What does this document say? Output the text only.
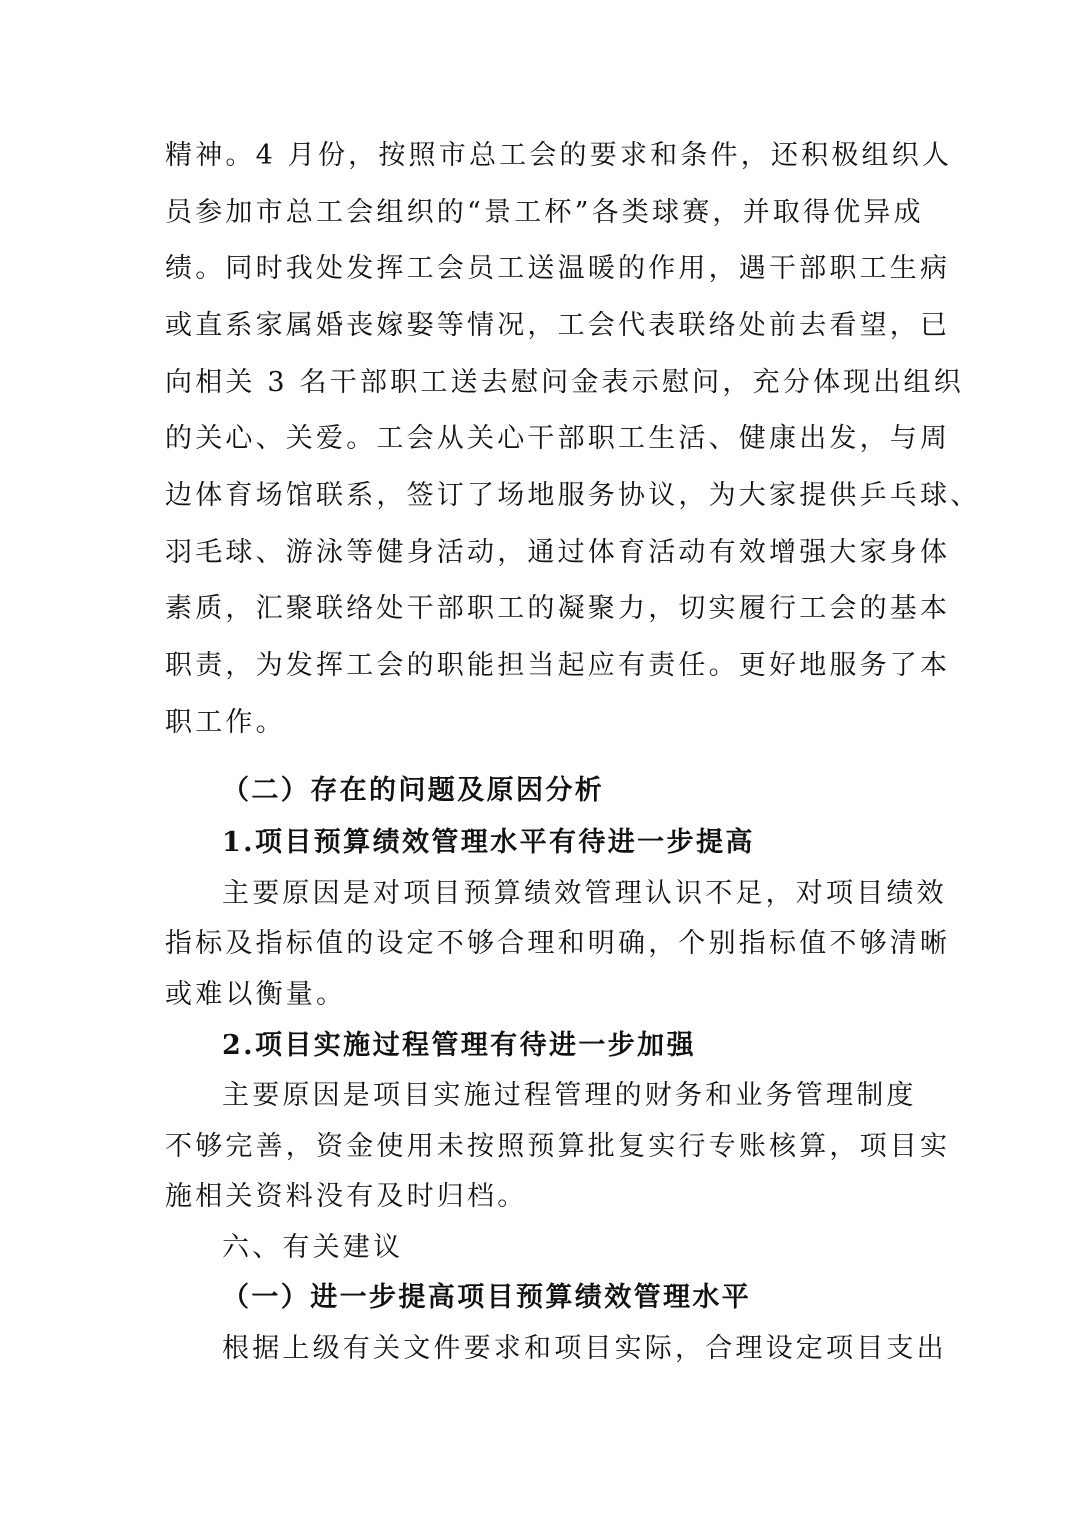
精神。4 月份，按照市总工会的要求和条件，还积极组织人
员参加市总工会组织的“景工杯”各类球赛，并取得优异成
绩。同时我处发挥工会员工送温暖的作用，遇干部职工生病
或直系家属婚丧嫁娶等情况，工会代表联络处前去看望，已
向相关 3 名干部职工送去慰问金表示慰问，充分体现出组织
的关心、关爱。工会从关心干部职工生活、健康出发，与周
边体育场馆联系，签订了场地服务协议，为大家提供乒乓球、
羽毛球、游泳等健身活动，通过体育活动有效增强大家身体
素质，汇聚联络处干部职工的凝聚力，切实履行工会的基本
职责，为发挥工会的职能担当起应有责任。更好地服务了本
职工作。
（二）存在的问题及原因分析
1.项目预算绩效管理水平有待进一步提高
主要原因是对项目预算绩效管理认识不足，对项目绩效
指标及指标值的设定不够合理和明确，个别指标值不够清晰
或难以衡量。
2.项目实施过程管理有待进一步加强
主要原因是项目实施过程管理的财务和业务管理制度
不够完善，资金使用未按照预算批复实行专账核算，项目实
施相关资料没有及时归档。
六、有关建议
（一）进一步提高项目预算绩效管理水平
根据上级有关文件要求和项目实际，合理设定项目支出
